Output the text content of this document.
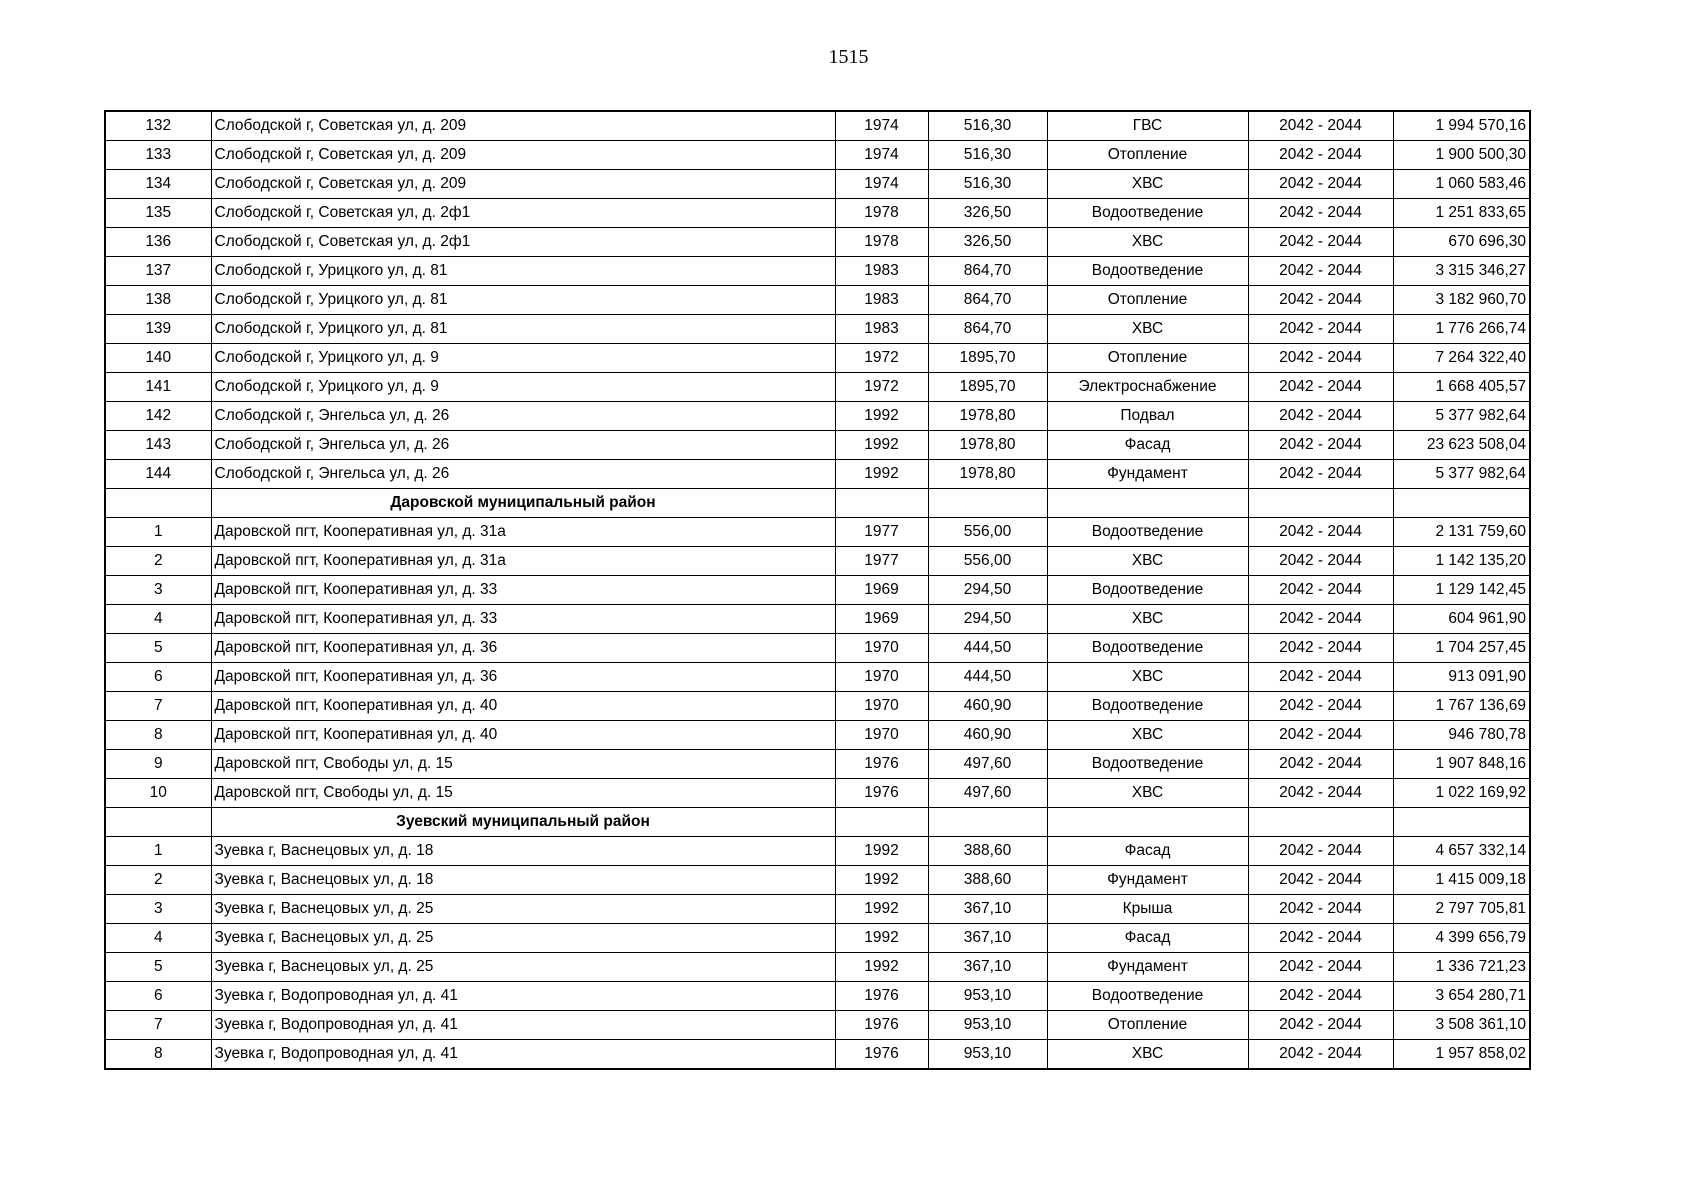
1515
132	Слободской г, Советская ул, д. 209	1974	516,30	ГВС	2042 - 2044	1 994 570,16
133	Слободской г, Советская ул, д. 209	1974	516,30	Отопление	2042 - 2044	1 900 500,30
134	Слободской г, Советская ул, д. 209	1974	516,30	ХВС	2042 - 2044	1 060 583,46
135	Слободской г, Советская ул, д. 2ф1	1978	326,50	Водоотведение	2042 - 2044	1 251 833,65
136	Слободской г, Советская ул, д. 2ф1	1978	326,50	ХВС	2042 - 2044	670 696,30
137	Слободской г, Урицкого ул, д. 81	1983	864,70	Водоотведение	2042 - 2044	3 315 346,27
138	Слободской г, Урицкого ул, д. 81	1983	864,70	Отопление	2042 - 2044	3 182 960,70
139	Слободской г, Урицкого ул, д. 81	1983	864,70	ХВС	2042 - 2044	1 776 266,74
140	Слободской г, Урицкого ул, д. 9	1972	1895,70	Отопление	2042 - 2044	7 264 322,40
141	Слободской г, Урицкого ул, д. 9	1972	1895,70	Электроснабжение	2042 - 2044	1 668 405,57
142	Слободской г, Энгельса ул, д. 26	1992	1978,80	Подвал	2042 - 2044	5 377 982,64
143	Слободской г, Энгельса ул, д. 26	1992	1978,80	Фасад	2042 - 2044	23 623 508,04
144	Слободской г, Энгельса ул, д. 26	1992	1978,80	Фундамент	2042 - 2044	5 377 982,64
	Даровской муниципальный район					
1	Даровской пгт, Кооперативная ул, д. 31а	1977	556,00	Водоотведение	2042 - 2044	2 131 759,60
2	Даровской пгт, Кооперативная ул, д. 31а	1977	556,00	ХВС	2042 - 2044	1 142 135,20
3	Даровской пгт, Кооперативная ул, д. 33	1969	294,50	Водоотведение	2042 - 2044	1 129 142,45
4	Даровской пгт, Кооперативная ул, д. 33	1969	294,50	ХВС	2042 - 2044	604 961,90
5	Даровской пгт, Кооперативная ул, д. 36	1970	444,50	Водоотведение	2042 - 2044	1 704 257,45
6	Даровской пгт, Кооперативная ул, д. 36	1970	444,50	ХВС	2042 - 2044	913 091,90
7	Даровской пгт, Кооперативная ул, д. 40	1970	460,90	Водоотведение	2042 - 2044	1 767 136,69
8	Даровской пгт, Кооперативная ул, д. 40	1970	460,90	ХВС	2042 - 2044	946 780,78
9	Даровской пгт, Свободы ул, д. 15	1976	497,60	Водоотведение	2042 - 2044	1 907 848,16
10	Даровской пгт, Свободы ул, д. 15	1976	497,60	ХВС	2042 - 2044	1 022 169,92
	Зуевский муниципальный район					
1	Зуевка г, Васнецовых ул, д. 18	1992	388,60	Фасад	2042 - 2044	4 657 332,14
2	Зуевка г, Васнецовых ул, д. 18	1992	388,60	Фундамент	2042 - 2044	1 415 009,18
3	Зуевка г, Васнецовых ул, д. 25	1992	367,10	Крыша	2042 - 2044	2 797 705,81
4	Зуевка г, Васнецовых ул, д. 25	1992	367,10	Фасад	2042 - 2044	4 399 656,79
5	Зуевка г, Васнецовых ул, д. 25	1992	367,10	Фундамент	2042 - 2044	1 336 721,23
6	Зуевка г, Водопроводная ул, д. 41	1976	953,10	Водоотведение	2042 - 2044	3 654 280,71
7	Зуевка г, Водопроводная ул, д. 41	1976	953,10	Отопление	2042 - 2044	3 508 361,10
8	Зуевка г, Водопроводная ул, д. 41	1976	953,10	ХВС	2042 - 2044	1 957 858,02
